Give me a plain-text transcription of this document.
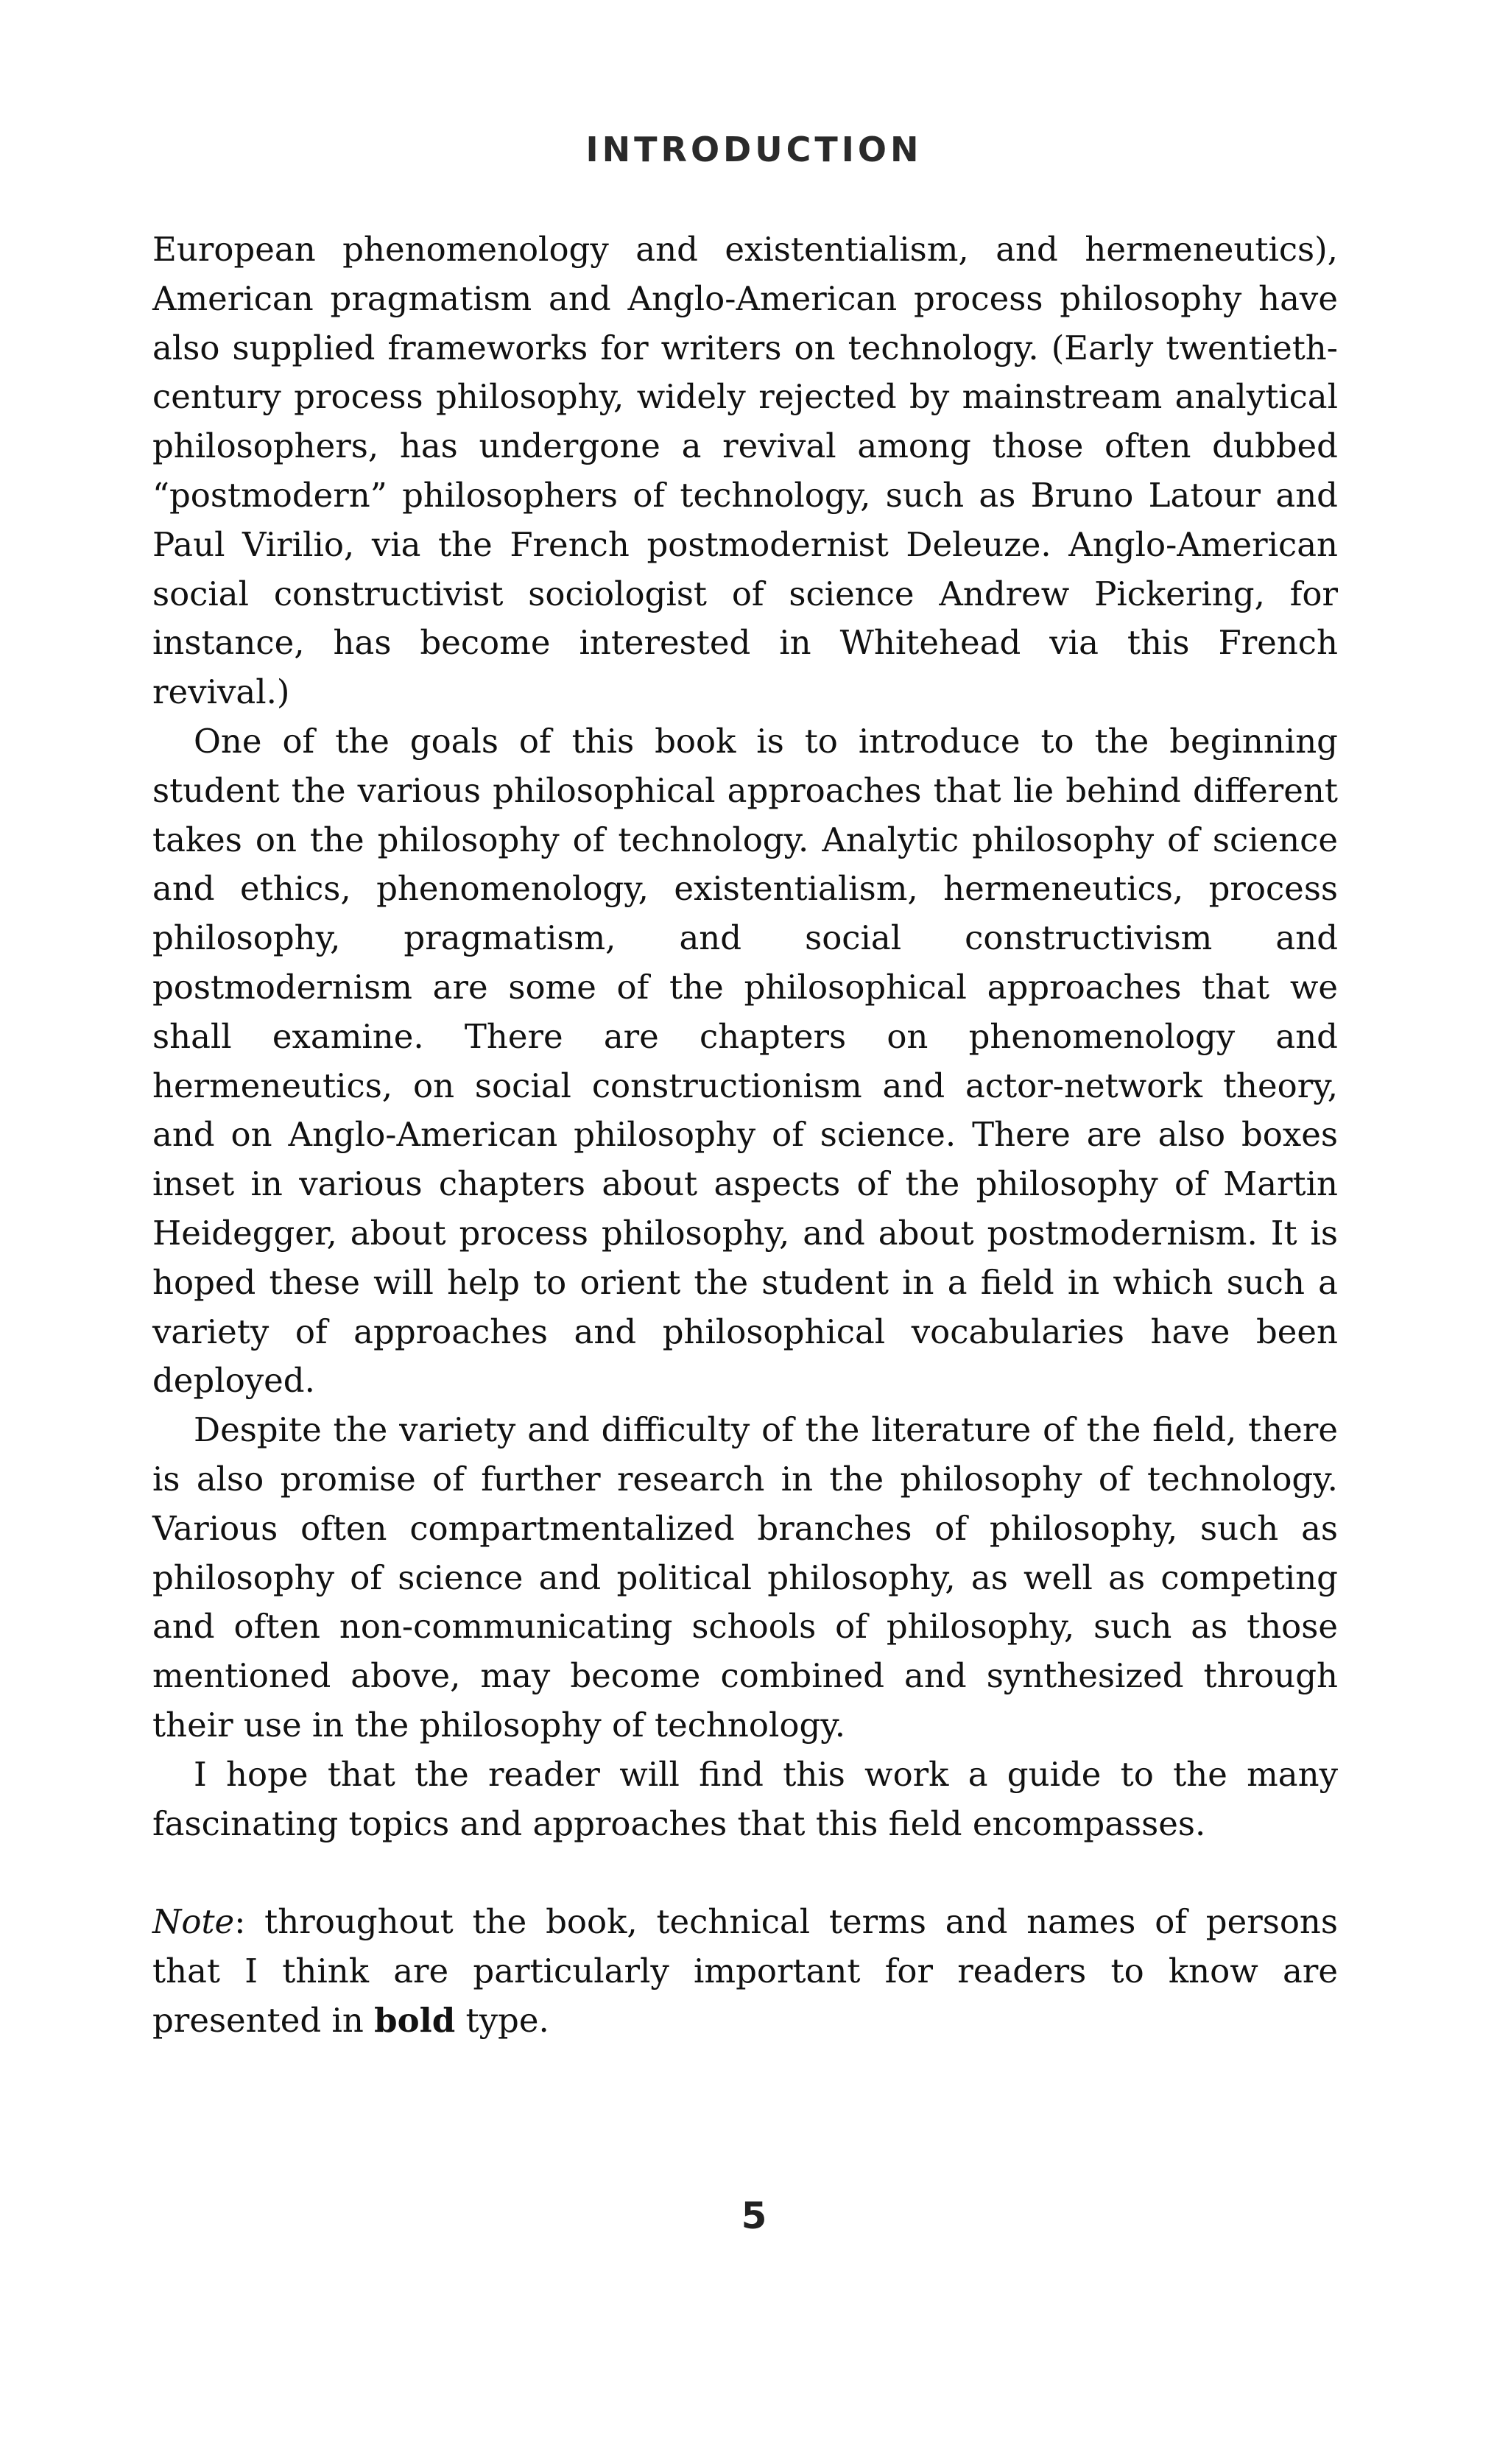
INTRODUCTION

European phenomenology and existentialism, and hermeneutics), American pragmatism and Anglo-American process philosophy have also supplied frameworks for writers on technology. (Early twentieth-century process philosophy, widely rejected by mainstream analytical philosophers, has undergone a revival among those often dubbed “postmodern” philosophers of technology, such as Bruno Latour and Paul Virilio, via the French postmodernist Deleuze. Anglo-American social constructivist sociologist of science Andrew Pickering, for instance, has become interested in Whitehead via this French revival.)

One of the goals of this book is to introduce to the beginning student the various philosophical approaches that lie behind different takes on the philosophy of technology. Analytic philosophy of science and ethics, phenomenology, existentialism, hermeneutics, process philosophy, pragmatism, and social constructivism and postmodernism are some of the philosophical approaches that we shall examine. There are chapters on phenomenology and hermeneutics, on social constructionism and actor-network theory, and on Anglo-American philosophy of science. There are also boxes inset in various chapters about aspects of the philosophy of Martin Heidegger, about process philosophy, and about postmodernism. It is hoped these will help to orient the student in a field in which such a variety of approaches and philosophical vocabularies have been deployed.

Despite the variety and difficulty of the literature of the field, there is also promise of further research in the philosophy of technology. Various often compartmentalized branches of philosophy, such as philosophy of science and political philosophy, as well as competing and often non-communicating schools of philosophy, such as those mentioned above, may become combined and synthesized through their use in the philosophy of technology.

I hope that the reader will find this work a guide to the many fascinating topics and approaches that this field encompasses.

Note: throughout the book, technical terms and names of persons that I think are particularly important for readers to know are presented in bold type.

5
